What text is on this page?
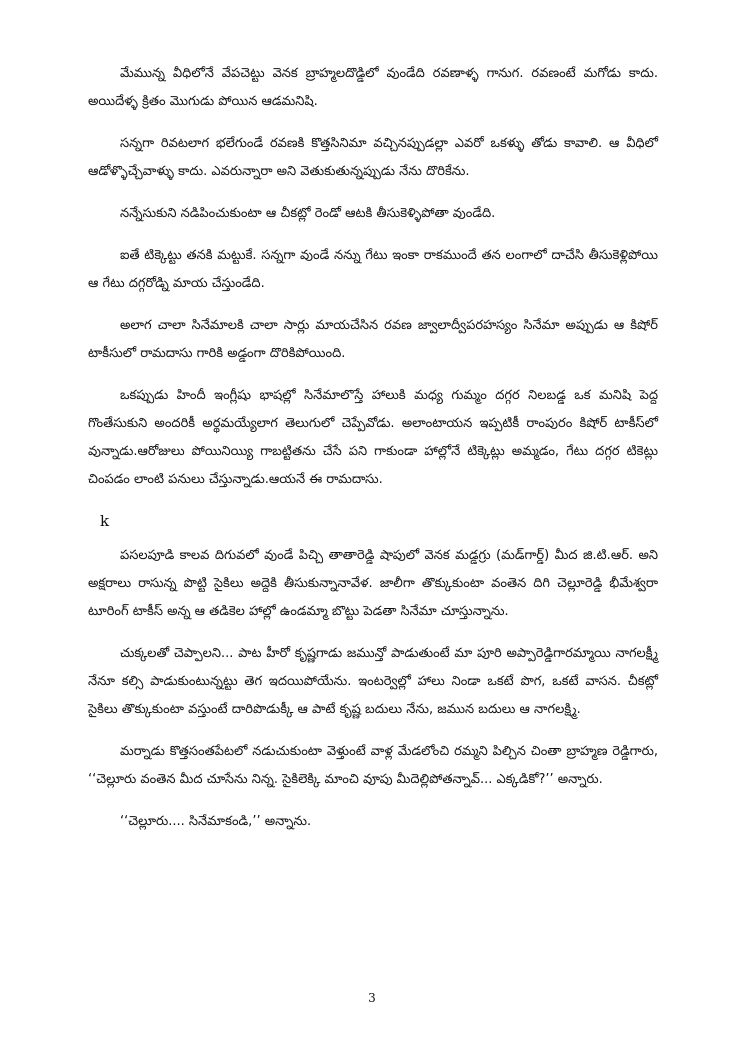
మేమున్న వీధిలోనే వేపచెట్టు వెనక బ్రాహ్మలదొడ్డిలో వుండేది రవణాళ్ళ గానుగ. రవణంటే మగోడు కాదు. అయిదేళ్ళ క్రితం మొగుడు పోయిన ఆడమనిషి.

సన్నగా రివటలాగ భలేగుండే రవణకి కొత్తసినిమా వచ్చినప్పుడల్లా ఎవరో ఒకళ్ళు తోడు కావాలి. ఆ వీధిలో ఆడోళ్ళొచ్చేవాళ్ళు కాదు. ఎవరున్నారా అని వెతుకుతున్నప్పుడు నేను దొరికేను.

నన్నేసుకుని నడిపించుకుంటా ఆ చీకట్లో రెండో ఆటకి తీసుకెళ్ళిపోతా వుండేది.

ఐతే టిక్కెట్టు తనకి మట్టుకే. సన్నగా వుండే నన్ను గేటు ఇంకా రాకముందే తన లంగాలో దాచేసి తీసుకెళ్లిపోయి ఆ గేటు దగ్గరోడ్ని మాయ చేస్తుండేది.

అలాగ చాలా సినేమాలకి చాలా సార్లు మాయచేసిన రవణ జ్వాలాద్వీపరహస్యం సినేమా అప్పుడు ఆ కిషోర్ టాకీసులో రామదాసు గారికి అడ్డంగా దొరికిపోయింది.

ఒకప్పుడు హిందీ ఇంగ్లీషు భాషల్లో సినేమాలొస్తే హాలుకి మధ్య గుమ్మం దగ్గర నిలబడ్డ ఒక మనిషి పెద్ద గొంతేసుకుని అందరికీ అర్థమయ్యేలాగ తెలుగులో చెప్పేవోడు. అలాంటాయన ఇప్పటికీ రాంపురం కిషోర్ టాకీస్‌లో వున్నాడు.ఆరోజులు పోయినియ్యి గాబట్టితను చేసే పని గాకుండా హాల్లోనే టిక్కెట్లు అమ్మడం, గేటు దగ్గర టికెట్లు చింపడం లాంటి పనులు చేస్తున్నాడు.ఆయనే ఈ రామదాసు.

k

పసలపూడి కాలవ దిగువలో వుండే పిచ్చి తాతారెడ్డి షాపులో వెనక మడ్డగ్రు (మడ్‌గార్డ్) మీద జి.టి.ఆర్. అని అక్షరాలు రాసున్న పొట్టి సైకిలు అద్దెకి తీసుకున్నానావేళ. జాలీగా తొక్కుకుంటా వంతెన దిగి చెల్లూరెడ్డి భీమేశ్వరా టూరింగ్ టాకీస్ అన్న ఆ తడికెల హాల్లో ఉండమ్మా బొట్టు పెడతా సినేమా చూస్తున్నాను.

చుక్కలతో చెప్పాలని... పాట హీరో కృష్ణగాడు జమున్తో పాడుతుంటే మా పూరి అప్పారెడ్డిగారమ్మాయి నాగలక్ష్మీ నేనూ కల్సి పాడుకుంటున్నట్టు తెగ ఇదయిపోయేను. ఇంటర్వెల్లో హాలు నిండా ఒకటే పొగ, ఒకటే వాసన. చీకట్లో సైకిలు తొక్కుకుంటా వస్తుంటే దారిపొడుక్కీ ఆ పాటే కృష్ణ బదులు నేను, జమున బదులు ఆ నాగలక్ష్మి.

మర్నాడు కొత్తసంతపేటలో నడుచుకుంటా వెళ్తుంటే వాళ్ల మేడలోంచి రమ్మని పిల్చిన చింతా బ్రాహ్మణ రెడ్డిగారు, ‘‘చెల్లూరు వంతెన మీద చూసేను నిన్న. సైకిలెక్కి మాంచి వూపు మీదెల్లిపోతన్నావ్... ఎక్కడికో?’’ అన్నారు.

‘‘చెల్లూరు.... సినేమాకండి,’’ అన్నాను.

3
